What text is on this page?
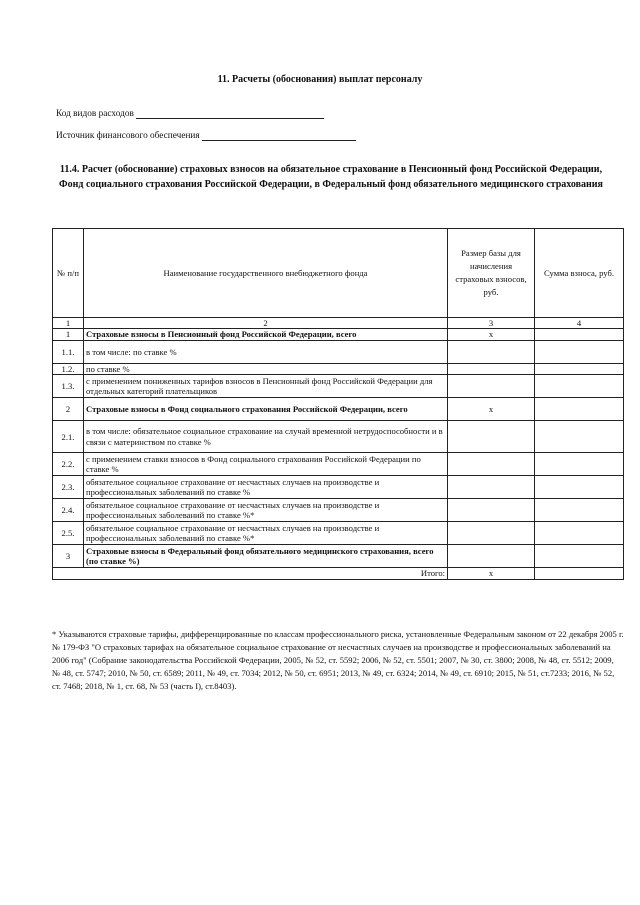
11. Расчеты (обоснования) выплат персоналу
Код видов расходов
Источник финансового обеспечения
11.4. Расчет (обоснование) страховых взносов на обязательное страхование в Пенсионный фонд Российской Федерации, Фонд социального страхования Российской Федерации, в Федеральный фонд обязательного медицинского страхования
№ п/п	Наименование государственного внебюджетного фонда	Размер базы для начисления страховых взносов, руб.	Сумма взноса, руб.
1	2	3	4
1	Страховые взносы в Пенсионный фонд Российской Федерации, всего	x	
1.1.	в том числе: по ставке %		
1.2.	по ставке %		
1.3.	с применением пониженных тарифов взносов в Пенсионный фонд Российской Федерации для отдельных категорий плательщиков		
2	Страховые взносы в Фонд социального страхования Российской Федерации, всего	x	
2.1.	в том числе: обязательное социальное страхование на случай временной нетрудоспособности и в связи с материнством по ставке %		
2.2.	с применением ставки взносов в Фонд социального страхования Российской Федерации по ставке %		
2.3.	обязательное социальное страхование от несчастных случаев на производстве и профессиональных заболеваний по ставке %		
2.4.	обязательное социальное страхование от несчастных случаев на производстве и профессиональных заболеваний по ставке %*		
2.5.	обязательное социальное страхование от несчастных случаев на производстве и профессиональных заболеваний по ставке %*		
3	Страховые взносы в Федеральный фонд обязательного медицинского страхования, всего (по ставке %)		
	Итого:	x	
* Указываются страховые тарифы, дифференцированные по классам профессионального риска, установленные Федеральным законом от 22 декабря 2005 г. № 179-ФЗ "О страховых тарифах на обязательное социальное страхование от несчастных случаев на производстве и профессиональных заболеваний на 2006 год" (Собрание законодательства Российской Федерации, 2005, № 52, ст. 5592; 2006, № 52, ст. 5501; 2007, № 30, ст. 3800; 2008, № 48, ст. 5512; 2009, № 48, ст. 5747; 2010, № 50, ст. 6589; 2011, № 49, ст. 7034; 2012, № 50, ст. 6951; 2013, № 49, ст. 6324; 2014, № 49, ст. 6910; 2015, № 51, ст.7233; 2016, № 52, ст. 7468; 2018, № 1, ст. 68, № 53 (часть I), ст.8403).
